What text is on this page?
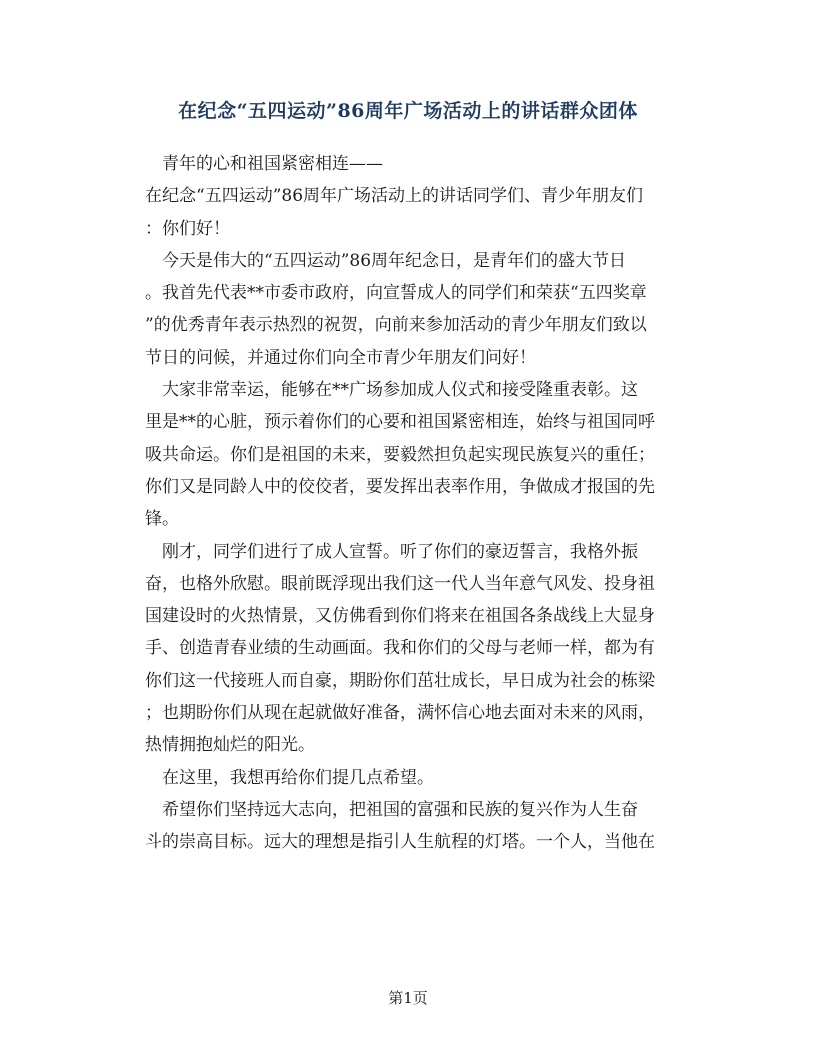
在纪念“五四运动”86周年广场活动上的讲话群众团体
青年的心和祖国紧密相连——
在纪念“五四运动”86周年广场活动上的讲话同学们、青少年朋友们
：你们好！
今天是伟大的“五四运动”86周年纪念日，是青年们的盛大节日
。我首先代表**市委市政府，向宣誓成人的同学们和荣获“五四奖章
”的优秀青年表示热烈的祝贺，向前来参加活动的青少年朋友们致以
节日的问候，并通过你们向全市青少年朋友们问好！
大家非常幸运，能够在**广场参加成人仪式和接受隆重表彰。这
里是**的心脏，预示着你们的心要和祖国紧密相连，始终与祖国同呼
吸共命运。你们是祖国的未来，要毅然担负起实现民族复兴的重任；
你们又是同龄人中的佼佼者，要发挥出表率作用，争做成才报国的先
锋。
刚才，同学们进行了成人宣誓。听了你们的豪迈誓言，我格外振
奋，也格外欣慰。眼前既浮现出我们这一代人当年意气风发、投身祖
国建设时的火热情景，又仿佛看到你们将来在祖国各条战线上大显身
手、创造青春业绩的生动画面。我和你们的父母与老师一样，都为有
你们这一代接班人而自豪，期盼你们茁壮成长，早日成为社会的栋梁
；也期盼你们从现在起就做好准备，满怀信心地去面对未来的风雨，
热情拥抱灿烂的阳光。
在这里，我想再给你们提几点希望。
希望你们坚持远大志向，把祖国的富强和民族的复兴作为人生奋
斗的崇高目标。远大的理想是指引人生航程的灯塔。一个人，当他在
第1页
